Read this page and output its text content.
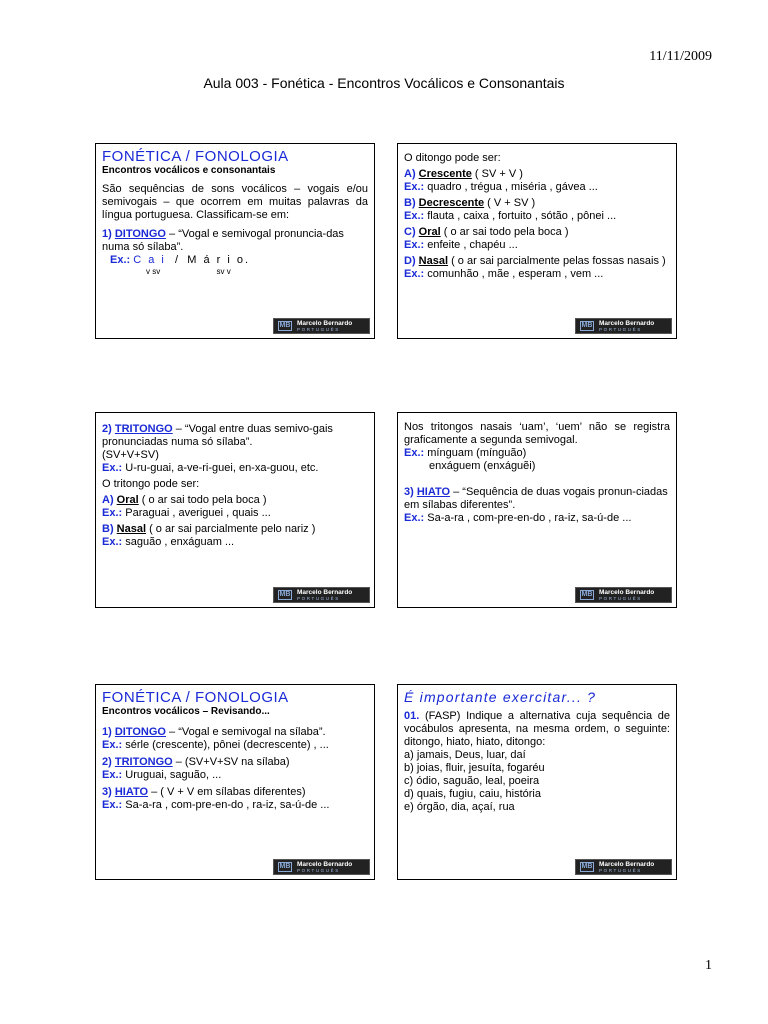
11/11/2009
Aula 003 - Fonética - Encontros Vocálicos e Consonantais
FONÉTICA / FONOLOGIA
Encontros vocálicos e consonantais
São sequências de sons vocálicos – vogais e/ou semivogais – que ocorrem em muitas palavras da língua portuguesa. Classificam-se em:
1) DITONGO – “Vogal e semivogal pronuncia-das numa só sílaba”.
Ex.: C a i / M á r i o.
v sv	sv v
MB Marcelo Bernardo
PORTUGUÊS
O ditongo pode ser:
A) Crescente ( SV + V )
Ex.: quadro , trégua , miséria , gávea ...
B) Decrescente ( V + SV )
Ex.: flauta , caixa , fortuito , sótão , pônei ...
C) Oral ( o ar sai todo pela boca )
Ex.: enfeite , chapéu ...
D) Nasal ( o ar sai parcialmente pelas fossas nasais )
Ex.: comunhão , mãe , esperam , vem ...
MB Marcelo Bernardo
PORTUGUÊS
2) TRITONGO – “Vogal entre duas semivo-gais pronunciadas numa só sílaba”.
(SV+V+SV)
Ex.: U-ru-guai, a-ve-ri-guei, en-xa-guou, etc.
O tritongo pode ser:
A) Oral ( o ar sai todo pela boca )
Ex.: Paraguai , averiguei , quais ...
B) Nasal ( o ar sai parcialmente pelo nariz )
Ex.: saguão , enxáguam ...
MB Marcelo Bernardo
PORTUGUÊS
Nos tritongos nasais ‘uam’, ‘uem’ não se registra graficamente a segunda semivogal.
Ex.: mínguam (mínguão)
enxáguem (enxáguẽi)
3) HIATO – “Sequência de duas vogais pronun-ciadas em sílabas diferentes”.
Ex.: Sa-a-ra , com-pre-en-do , ra-iz, sa-ú-de ...
MB Marcelo Bernardo
PORTUGUÊS
FONÉTICA / FONOLOGIA
Encontros vocálicos – Revisando...
1) DITONGO – “Vogal e semivogal na sílaba”.
Ex.: sérle (crescente), pônei (decrescente) , ...
2) TRITONGO – (SV+V+SV na sílaba)
Ex.: Uruguai, saguão, ...
3) HIATO – ( V + V em sílabas diferentes)
Ex.: Sa-a-ra , com-pre-en-do , ra-iz, sa-ú-de ...
MB Marcelo Bernardo
PORTUGUÊS
É importante exercitar... ?
01. (FASP) Indique a alternativa cuja sequência de vocábulos apresenta, na mesma ordem, o seguinte: ditongo, hiato, hiato, ditongo:
a) jamais, Deus, luar, daí
b) joias, fluir, jesuíta, fogaréu
c) ódio, saguão, leal, poeira
d) quais, fugiu, caiu, história
e) órgão, dia, açaí, rua
MB Marcelo Bernardo
PORTUGUÊS
1
